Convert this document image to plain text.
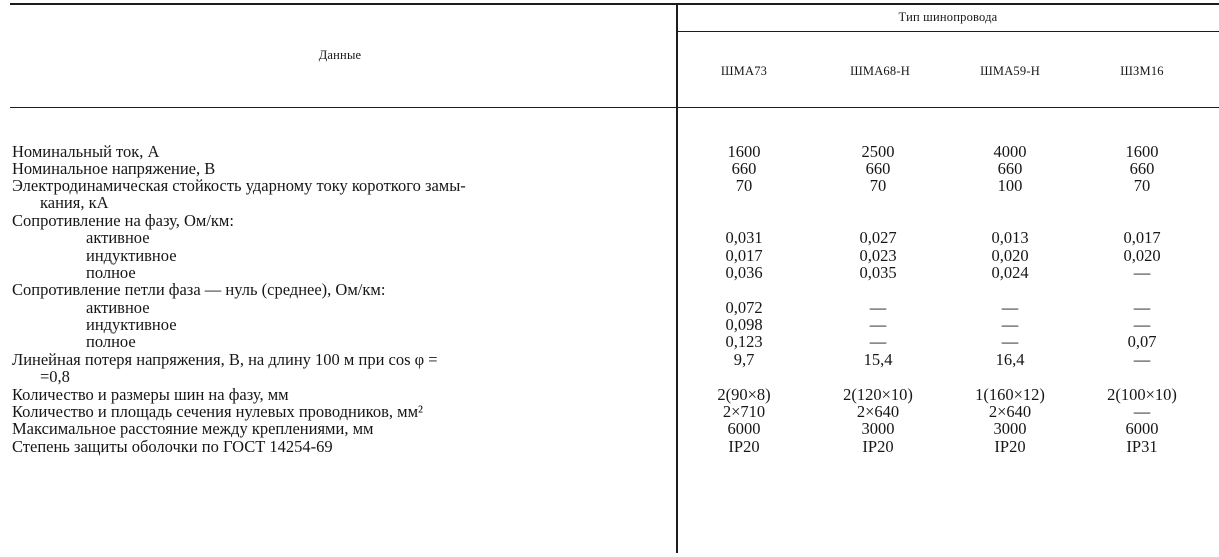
Данные
Тип шинопровода
ШМА73	ШМА68-Н	ШМА59-Н	ШЗМ16
Номинальный ток, А	1600	2500	4000	1600
Номинальное напряжение, В	660	660	660	660
Электродинамическая стойкость ударному току короткого замы-	70	70	100	70
кания, кА
Сопротивление на фазу, Ом/км:
активное	0,031	0,027	0,013	0,017
индуктивное	0,017	0,023	0,020	0,020
полное	0,036	0,035	0,024	—
Сопротивление петли фаза — нуль (среднее), Ом/км:
активное	0,072	—	—	—
индуктивное	0,098	—	—	—
полное	0,123	—	—	0,07
Линейная потеря напряжения, В, на длину 100 м при cos φ =	9,7	15,4	16,4	—
=0,8
Количество и размеры шин на фазу, мм	2(90×8)	2(120×10)	1(160×12)	2(100×10)
Количество и площадь сечения нулевых проводников, мм²	2×710	2×640	2×640	—
Максимальное расстояние между креплениями, мм	6000	3000	3000	6000
Степень защиты оболочки по ГОСТ 14254-69	IP20	IP20	IP20	IP31
